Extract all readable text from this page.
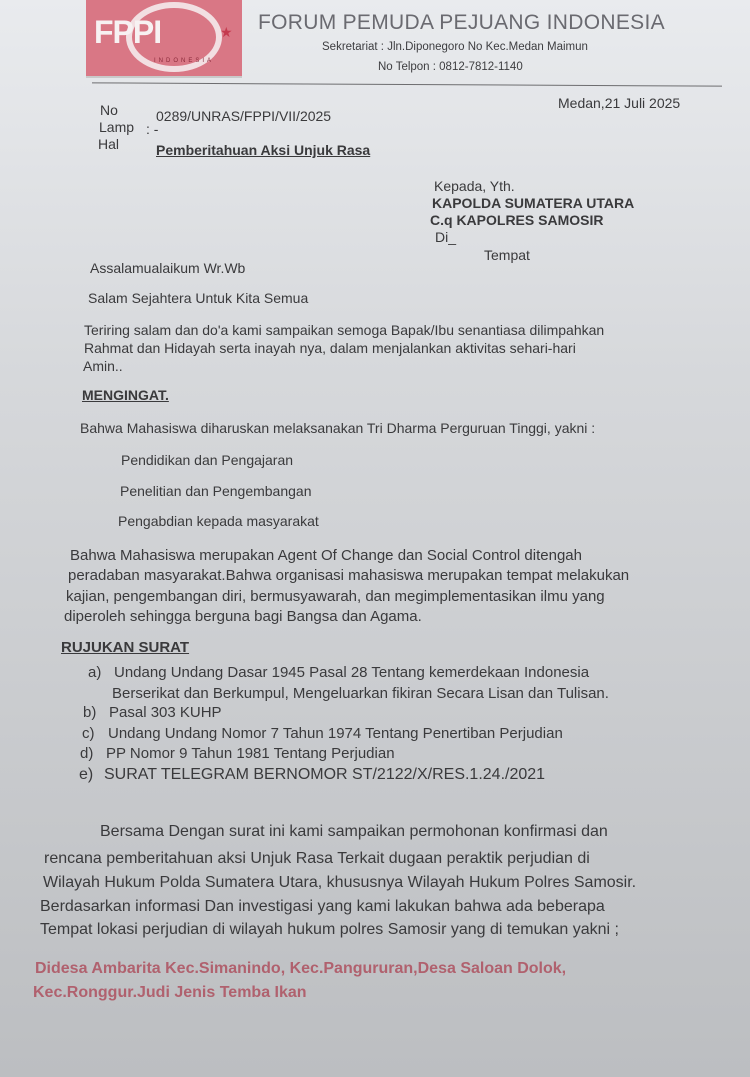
FPPI	★
INDONESIA
FORUM PEMUDA PEJUANG INDONESIA
Sekretariat : Jln.Diponegoro No Kec.Medan Maimun
No Telpon : 0812-7812-1140
Medan,21 Juli 2025
No	0289/UNRAS/FPPI/VII/2025
Lamp : -
Hal	Pemberitahuan Aksi Unjuk Rasa
Kepada, Yth.
KAPOLDA SUMATERA UTARA
C.q KAPOLRES SAMOSIR
Di_
Tempat
Assalamualaikum Wr.Wb
Salam Sejahtera Untuk Kita Semua
Teriring salam dan do'a kami sampaikan semoga Bapak/Ibu senantiasa dilimpahkan
Rahmat dan Hidayah serta inayah nya, dalam menjalankan aktivitas sehari-hari
Amin..
MENGINGAT.
Bahwa Mahasiswa diharuskan melaksanakan Tri Dharma Perguruan Tinggi, yakni :
Pendidikan dan Pengajaran
Penelitian dan Pengembangan
Pengabdian kepada masyarakat
Bahwa Mahasiswa merupakan Agent Of Change dan Social Control ditengah
peradaban masyarakat.Bahwa organisasi mahasiswa merupakan tempat melakukan
kajian, pengembangan diri, bermusyawarah, dan megimplementasikan ilmu yang
diperoleh sehingga berguna bagi Bangsa dan Agama.
RUJUKAN SURAT
a) Undang Undang Dasar 1945 Pasal 28 Tentang kemerdekaan Indonesia
Berserikat dan Berkumpul, Mengeluarkan fikiran Secara Lisan dan Tulisan.
b) Pasal 303 KUHP
c) Undang Undang Nomor 7 Tahun 1974 Tentang Penertiban Perjudian
d) PP Nomor 9 Tahun 1981 Tentang Perjudian
e) SURAT TELEGRAM BERNOMOR ST/2122/X/RES.1.24./2021
Bersama Dengan surat ini kami sampaikan permohonan konfirmasi dan
rencana pemberitahuan aksi Unjuk Rasa Terkait dugaan peraktik perjudian di
Wilayah Hukum Polda Sumatera Utara, khususnya Wilayah Hukum Polres Samosir.
Berdasarkan informasi Dan investigasi yang kami lakukan bahwa ada beberapa
Tempat lokasi perjudian di wilayah hukum polres Samosir yang di temukan yakni ;
Didesa Ambarita Kec.Simanindo, Kec.Pangururan,Desa Saloan Dolok,
Kec.Ronggur.Judi Jenis Temba Ikan
